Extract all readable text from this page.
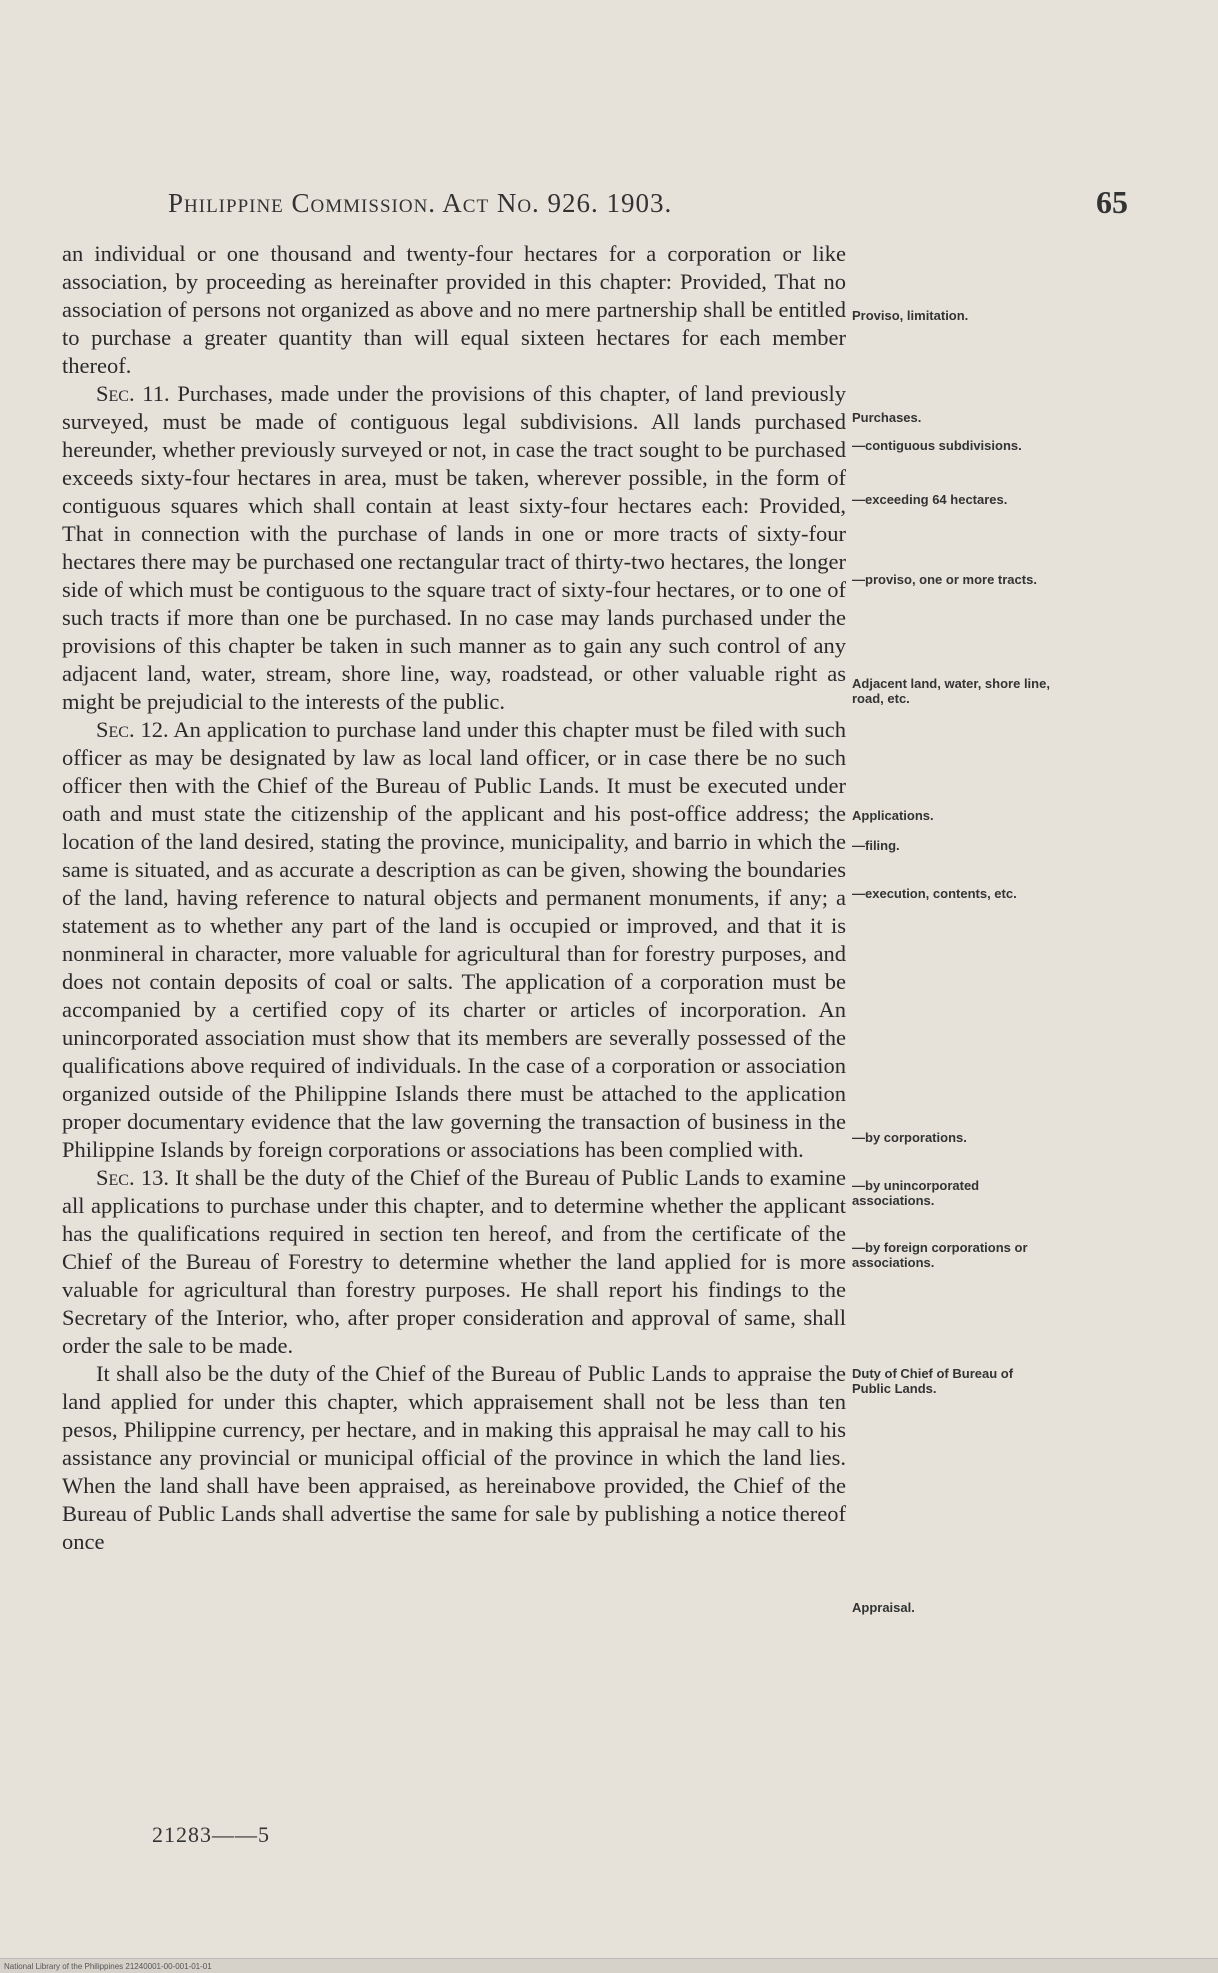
Philippine Commission. Act No. 926. 1903.	65

an individual or one thousand and twenty-four hectares for a corporation or like association, by proceeding as hereinafter provided in this chapter: Provided, That no association of persons not organized as above and no mere partnership shall be entitled to purchase a greater quantity than will equal sixteen hectares for each member thereof.

Sec. 11. Purchases, made under the provisions of this chapter, of land previously surveyed, must be made of contiguous legal subdivisions. All lands purchased hereunder, whether previously surveyed or not, in case the tract sought to be purchased exceeds sixty-four hectares in area, must be taken, wherever possible, in the form of contiguous squares which shall contain at least sixty-four hectares each: Provided, That in connection with the purchase of lands in one or more tracts of sixty-four hectares there may be purchased one rectangular tract of thirty-two hectares, the longer side of which must be contiguous to the square tract of sixty-four hectares, or to one of such tracts if more than one be purchased. In no case may lands purchased under the provisions of this chapter be taken in such manner as to gain any such control of any adjacent land, water, stream, shore line, way, roadstead, or other valuable right as might be prejudicial to the interests of the public.

Sec. 12. An application to purchase land under this chapter must be filed with such officer as may be designated by law as local land officer, or in case there be no such officer then with the Chief of the Bureau of Public Lands. It must be executed under oath and must state the citizenship of the applicant and his post-office address; the location of the land desired, stating the province, municipality, and barrio in which the same is situated, and as accurate a description as can be given, showing the boundaries of the land, having reference to natural objects and permanent monuments, if any; a statement as to whether any part of the land is occupied or improved, and that it is nonmineral in character, more valuable for agricultural than for forestry purposes, and does not contain deposits of coal or salts. The application of a corporation must be accompanied by a certified copy of its charter or articles of incorporation. An unincorporated association must show that its members are severally possessed of the qualifications above required of individuals. In the case of a corporation or association organized outside of the Philippine Islands there must be attached to the application proper documentary evidence that the law governing the transaction of business in the Philippine Islands by foreign corporations or associations has been complied with.

Sec. 13. It shall be the duty of the Chief of the Bureau of Public Lands to examine all applications to purchase under this chapter, and to determine whether the applicant has the qualifications required in section ten hereof, and from the certificate of the Chief of the Bureau of Forestry to determine whether the land applied for is more valuable for agricultural than forestry purposes. He shall report his findings to the Secretary of the Interior, who, after proper consideration and approval of same, shall order the sale to be made.

It shall also be the duty of the Chief of the Bureau of Public Lands to appraise the land applied for under this chapter, which appraisement shall not be less than ten pesos, Philippine currency, per hectare, and in making this appraisal he may call to his assistance any provincial or municipal official of the province in which the land lies. When the land shall have been appraised, as hereinabove provided, the Chief of the Bureau of Public Lands shall advertise the same for sale by publishing a notice thereof once

Proviso, limitation.
Purchases.
—contiguous subdivisions.
—exceeding 64 hectares.
—proviso, one or more tracts.
Adjacent land, water, shore line, road, etc.
Applications.
—filing.
—execution, contents, etc.
—by corporations.
—by unincorporated associations.
—by foreign corporations or associations.
Duty of Chief of Bureau of Public Lands.
Appraisal.
21283——5
National Library of the Philippines 21240001-00-001-01-01
